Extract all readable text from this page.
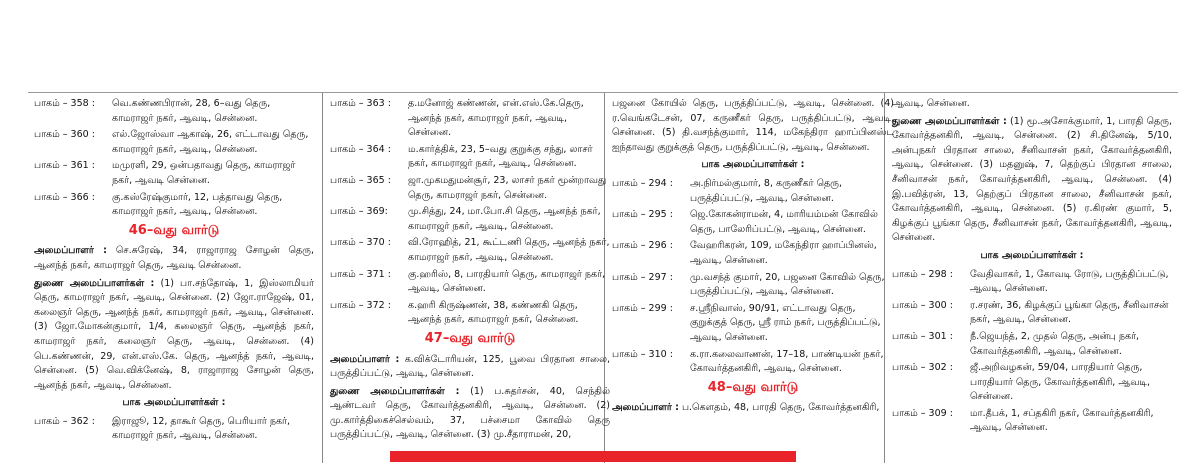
பாகம் – 358 :	வெ.கண்ணபிரான், 28, 6–வது தெரு, காமராஜர் நகர், ஆவடி, சென்னை.
பாகம் – 360 :	எல்.ஜோஸ்வா ஆகாஷ், 26, எட்டாவது தெரு, காமராஜர் நகர், ஆவடி, சென்னை.
பாகம் – 361 :	மமுரளி, 29, ஒன்பதாவது தெரு, காமராஜர் நகர், ஆவடி சென்னை.
பாகம் – 366 :	கு.கஸ்ரேஷ்குமார், 12, பத்தாவது தெரு, காமராஜர் நகர், ஆவடி, சென்னை.
46–வது வார்டு

அமைப்பாளர் : செ.சுரேஷ், 34, ராஜாராஜ சோழன் தெரு, ஆனந்த் நகர், காமராஜர் தெரு, ஆவடி சென்னை.

துணை அமைப்பாளர்கள் : (1) பா.சந்தோஷ், 1, இஸ்லாமியர் தெரு, காமராஜர் நகர், ஆவடி, சென்னை. (2) ஜோ.ராஜேஷ், 01, கலைஞர் தெரு, ஆனந்த் நகர், காமராஜர் நகர், ஆவடி, சென்னை. (3) ஜோ.மோகன்குமார், 1/4, கலைஞர் தெரு, ஆனந்த் நகர், காமராஜர் நகர், கலைஞர் தெரு, ஆவடி, சென்னை. (4) பெ.கண்ணன், 29, என்.எஸ்.கே. தெரு, ஆனந்த் நகர், ஆவடி, சென்னை. (5) வெ.விக்னேஷ், 8, ராஜாராஜ சோழன் தெரு, ஆனந்த் நகர், ஆவடி, சென்னை.

பாக அமைப்பாளர்கள் :
பாகம் – 362 :	இராஜூ, 12, தாகூர் தெரு, பெரியார் நகர், காமராஜர் நகர், ஆவடி, சென்னை.
பாகம் – 363 :	த.மனோஜ் கண்ணன், என்.எஸ்.கே.தெரு, ஆனந்த் நகர், காமராஜர் நகர், ஆவடி, சென்னை.
பாகம் – 364 :	ம.கார்த்திக், 23, 5–வது குறுக்கு சந்து, லாசர் நகர், காமராஜர் நகர், ஆவடி, சென்னை.
பாகம் – 365 :	ஜா.முகமதுமன்சூர், 23, லாசர் நகர் மூன்றாவது தெரு, காமராஜர் நகர், சென்னை.
பாகம் – 369:	மு.சித்து, 24, மா.போ.சி தெரு, ஆனந்த் நகர், காமராஜர் நகர், ஆவடி, சென்னை.
பாகம் – 370 :	வி.ரோஹித், 21, கூட்டணி தெரு, ஆனந்த் நகர், காமராஜர் நகர், ஆவடி, சென்னை.
பாகம் – 371 :	கு.ஹரிஸ், 8, பாரதியார் தெரு, காமராஜர் நகர், ஆவடி, சென்னை.
பாகம் – 372 :	க.ஹரி கிருஷ்ணன், 38, கண்ணகி தெரு, ஆனந்த் நகர், காமராஜர் நகர், சென்னை.
47–வது வார்டு

அமைப்பாளர் : க.விக்டோரியன், 125, பூவை பிரதான சாலை, பருத்திப்பட்டு, ஆவடி, சென்னை.

துணை அமைப்பாளர்கள் : (1) ப.சுதர்சன், 40, செந்தில் ஆண்டவர் தெரு, கோவர்த்தனகிரி, ஆவடி, சென்னை. (2) மு.கார்த்திகைச்செல்வம், 37, பச்சைமா கோவில் தெரு பருத்திப்பட்டு, ஆவடி, சென்னை. (3) மு.சீதாராமன், 20,

பஜனை கோயில் தெரு, பருத்திப்பட்டு, ஆவடி, சென்னை. (4) ர.வெங்கடேசன், 07, கருணீகர் தெரு, பருத்திப்பட்டு, ஆவடி, சென்னை. (5) தி.வசந்த்குமார், 114, மகேந்திரா ஹாப்பினஸ்ட ஐந்தாவது குறுக்குத் தெரு, பருத்திப்பட்டு, ஆவடி, சென்னை.

பாக அமைப்பாளர்கள் :
பாகம் – 294 :	அ.நிர்மல்குமார், 8, கருணீகர் தெரு, பருத்திப்பட்டு, ஆவடி, சென்னை.
பாகம் – 295 :	ஜெ.கோகன்ராமன், 4, மாரியம்மன் கோவில் தெரு, பாலேரிப்பட்டு, ஆவடி, சென்னை.
பாகம் – 296 :	வேஹரிகரன், 109, மகேந்திரா ஹாப்பினஸ், ஆவடி, சென்னை.
பாகம் – 297 :	மு.வசந்த் குமார், 20, பஜனை கோவில் தெரு, பருத்திப்பட்டு, ஆவடி, சென்னை.
பாகம் – 299 :	ச.ஸ்ரீநிவாஸ், 90/91, எட்டாவது தெரு, குறுக்குத் தெரு, ஸ்ரீ ராம் நகர், பருத்திப்பட்டு, ஆவடி, சென்னை.
பாகம் – 310 :	க.ரா.கலைவாணன், 17–18, பாண்டியன் நகர், கோவர்த்தனகிரி, ஆவடி, சென்னை.
48–வது வார்டு

அமைப்பாளர் : ப.கெளதம், 48, பாரதி தெரு, கோவர்த்தனகிரி,

ஆவடி, சென்னை.

துணை அமைப்பாளர்கள் : (1) மூ.அசோக்குமார், 1, பாரதி தெரு, கோவர்த்தனகிரி, ஆவடி, சென்னை. (2) சி.தினேஷ், 5/10, அன்புநகர் பிரதான சாலை, சீனிவாசன் நகர், கோவர்த்தனகிரி, ஆவடி, சென்னை. (3) மதனுஷ், 7, தெற்குப் பிரதான சாலை, சீனிவாசன் நகர், கோவர்த்தனகிரி, ஆவடி, சென்னை. (4) இ.பவித்ரன், 13, தெற்குப் பிரதான சாலை, சீனிவாசன் நகர், கோவர்த்தனகிரி, ஆவடி, சென்னை. (5) ர.கிரண் குமார், 5, கிழக்குப் பூங்கா தெரு, சீனிவாசன் நகர், கோவர்த்தனகிரி, ஆவடி, சென்னை.

பாக அமைப்பாளர்கள் :
பாகம் – 298 :	வேதிவாகர், 1, கோவடி ரோடு, பருத்திப்பட்டு, ஆவடி, சென்னை.
பாகம் – 300 :	ர.சரண், 36, கிழக்குப் பூங்கா தெரு, சீனிவாசன் நகர், ஆவடி, சென்னை.
பாகம் – 301 :	நீ.ஜெயந்த், 2, முதல் தெரு, அன்பு நகர், கோவர்த்தனகிரி, ஆவடி, சென்னை.
பாகம் – 302 :	ஜீ.அறிவழகன், 59/04, பாரதியார் தெரு, பாரதியார் தெரு, கோவர்த்தனகிரி, ஆவடி, சென்னை.
பாகம் – 309 :	மா.தீபக், 1, சப்தகிரி நகர், கோவர்த்தனகிரி, ஆவடி, சென்னை.
